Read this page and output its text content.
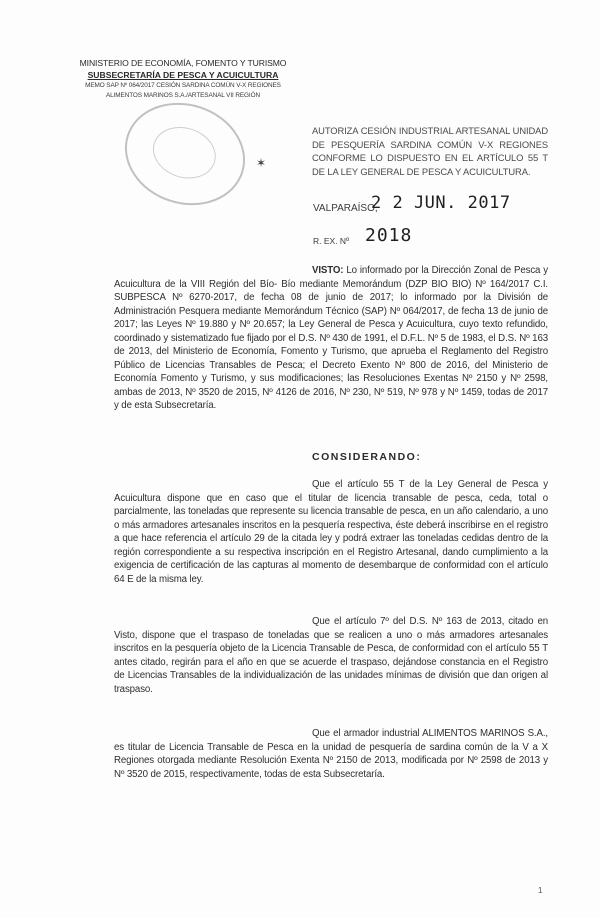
MINISTERIO DE ECONOMÍA, FOMENTO Y TURISMO
SUBSECRETARÍA DE PESCA Y ACUICULTURA
MEMO SAP Nº 064/2017 CESIÓN SARDINA COMÚN V-X REGIONES
ALIMENTOS MARINOS S.A./ARTESANAL VII REGIÓN
✶
AUTORIZA CESIÓN INDUSTRIAL ARTESANAL UNIDAD DE PESQUERÍA SARDINA COMÚN V-X REGIONES CONFORME LO DISPUESTO EN EL ARTÍCULO 55 T DE LA LEY GENERAL DE PESCA Y ACUICULTURA.
VALPARAÍSO,
2 2 JUN. 2017
R. EX. Nº 2018
VISTO: Lo informado por la Dirección Zonal de Pesca y Acuicultura de la VIII Región del Bío- Bío mediante Memorándum (DZP BIO BIO) Nº 164/2017 C.I. SUBPESCA Nº 6270-2017, de fecha 08 de junio de 2017; lo informado por la División de Administración Pesquera mediante Memorándum Técnico (SAP) Nº 064/2017, de fecha 13 de junio de 2017; las Leyes Nº 19.880 y Nº 20.657; la Ley General de Pesca y Acuicultura, cuyo texto refundido, coordinado y sistematizado fue fijado por el D.S. Nº 430 de 1991, el D.F.L. Nº 5 de 1983, el D.S. Nº 163 de 2013, del Ministerio de Economía, Fomento y Turismo, que aprueba el Reglamento del Registro Público de Licencias Transables de Pesca; el Decreto Exento Nº 800 de 2016, del Ministerio de Economía Fomento y Turismo, y sus modificaciones; las Resoluciones Exentas Nº 2150 y Nº 2598, ambas de 2013, Nº 3520 de 2015, Nº 4126 de 2016, Nº 230, Nº 519, Nº 978 y Nº 1459, todas de 2017 y de esta Subsecretaría.
CONSIDERANDO:
Que el artículo 55 T de la Ley General de Pesca y Acuicultura dispone que en caso que el titular de licencia transable de pesca, ceda, total o parcialmente, las toneladas que represente su licencia transable de pesca, en un año calendario, a uno o más armadores artesanales inscritos en la pesquería respectiva, éste deberá inscribirse en el registro a que hace referencia el artículo 29 de la citada ley y podrá extraer las toneladas cedidas dentro de la región correspondiente a su respectiva inscripción en el Registro Artesanal, dando cumplimiento a la exigencia de certificación de las capturas al momento de desembarque de conformidad con el artículo 64 E de la misma ley.
Que el artículo 7º del D.S. Nº 163 de 2013, citado en Visto, dispone que el traspaso de toneladas que se realicen a uno o más armadores artesanales inscritos en la pesquería objeto de la Licencia Transable de Pesca, de conformidad con el artículo 55 T antes citado, regirán para el año en que se acuerde el traspaso, dejándose constancia en el Registro de Licencias Transables de la individualización de las unidades mínimas de división que dan origen al traspaso.
Que el armador industrial ALIMENTOS MARINOS S.A., es titular de Licencia Transable de Pesca en la unidad de pesquería de sardina común de la V a X Regiones otorgada mediante Resolución Exenta Nº 2150 de 2013, modificada por Nº 2598 de 2013 y Nº 3520 de 2015, respectivamente, todas de esta Subsecretaría.
1
